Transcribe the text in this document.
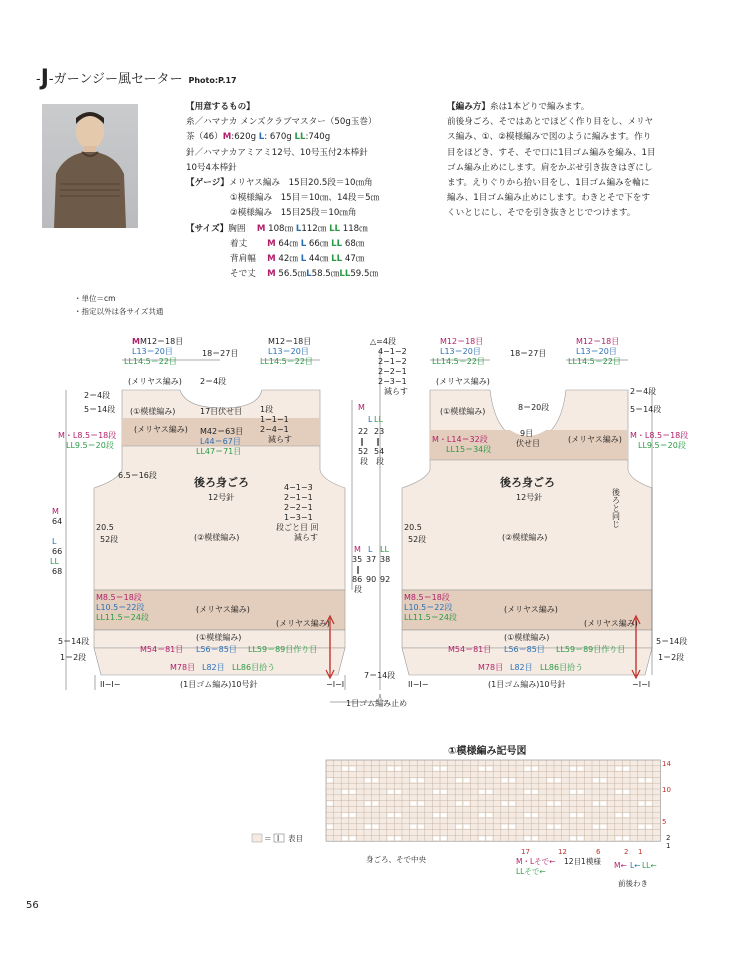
-J-ガーンジー風セーター Photo:P.17
【用意するもの】
糸／ハマナカ メンズクラブマスター（50g玉巻）
茶（46）M:620g L: 670g LL:740g
針／ハマナカアミアミ12号、10号玉付2本棒針
10号4本棒針
【ゲージ】メリヤス編み　 15目20.5段＝10㎝角
①模様編み　 15目＝10㎝、14段＝5㎝
②模様編み　 15目25段＝10㎝角
【サイズ】胸囲　 M 108㎝ L112㎝ LL 118㎝
着丈　　 M 64㎝ L 66㎝ LL 68㎝
背肩幅　 M 42㎝ L 44㎝ LL 47㎝
そで丈　 M 56.5㎝L58.5㎝LL59.5㎝
【編み方】糸は1本どりで編みます。
前後身ごろ、そではあとでほどく作り目をし、メリヤ
ス編み、①、②模様編みで図のように編みます。作り
目をほどき、すそ、そで口に1目ゴム編みを編み、1目
ゴム編み止めにします。肩をかぶせ引き抜きはぎにし
ます。えりぐりから拾い目をし、1目ゴム編みを輪に
編み、1目ゴム編み止めにします。わきとそで下をす
くいとじにし、そでを引き抜きとじでつけます。
・単位＝cm
・指定以外は各サイズ共通
MM12＝18目
L13＝20目
LL14.5＝22目
18＝27目
M12＝18目
L13＝20目
LL14.5＝22目
(メリヤス編み) 2＝4段
2＝4段
5＝14段 (①模様編み)	17目伏せ目 1段
1−1−1
2−4−1
減らす
(メリヤス編み) M42＝63目
L44＝67目
LL47＝71目
M・L8.5＝18段
LL9.5＝20段
6.5＝16段
後ろ身ごろ
12号針
4−1−3
2−1−1
2−2−1
1−3−1
段ごと目 回
減らす
(②模様編み)
20.5
52段
M
64
L
66
LL
68
M8.5＝18段
L10.5＝22段
LL11.5＝24段
(メリヤス編み)
(メリヤス編み)
(①模様編み)
5＝14段
1＝2段
M54＝81目 L56＝85目 LL59＝89目作り目
M78目 L82目 LL86目拾う
(1目ゴム編み)10号針
II−I−	−I−I
△=4段
4−1−2
2−1−2
2−2−1
2−3−1
減らす
M
L LL
22
∥
52
段
23
∥
54
段
M L LL
35 37 38
∥
86 90 92
段
7＝14段
1目ゴム編み止め
M12＝18目
L13＝20目
LL14.5＝22目
18＝27目
M12＝18目
L13＝20目
LL14.5＝22目
(メリヤス編み)
(①模様編み)	8＝20段
9目
伏せ目
M・L14＝32段
LL15＝34段
(メリヤス編み)
2＝4段
5＝14段
M・L8.5＝18段
LL9.5＝20段
後ろ身ごろ
12号針
(②模様編み)
20.5
52段
後ろと同じ
M8.5＝18段
L10.5＝22段
LL11.5＝24段
(メリヤス編み)
(メリヤス編み)
(①模様編み)	5＝14段
1＝2段
M54＝81目 L56＝85目 LL59＝89目作り目
M78目 L82目 LL86目拾う
(1目ゴム編み)10号針
II−I−	−I−I
①模様編み記号図
14
10
5
2
1
17	12	6	2 1
＝ I 表目
身ごろ、そで中央	M・Lそで←
LLそで←
12目1模様 M← L← LL←
前後わき
56
